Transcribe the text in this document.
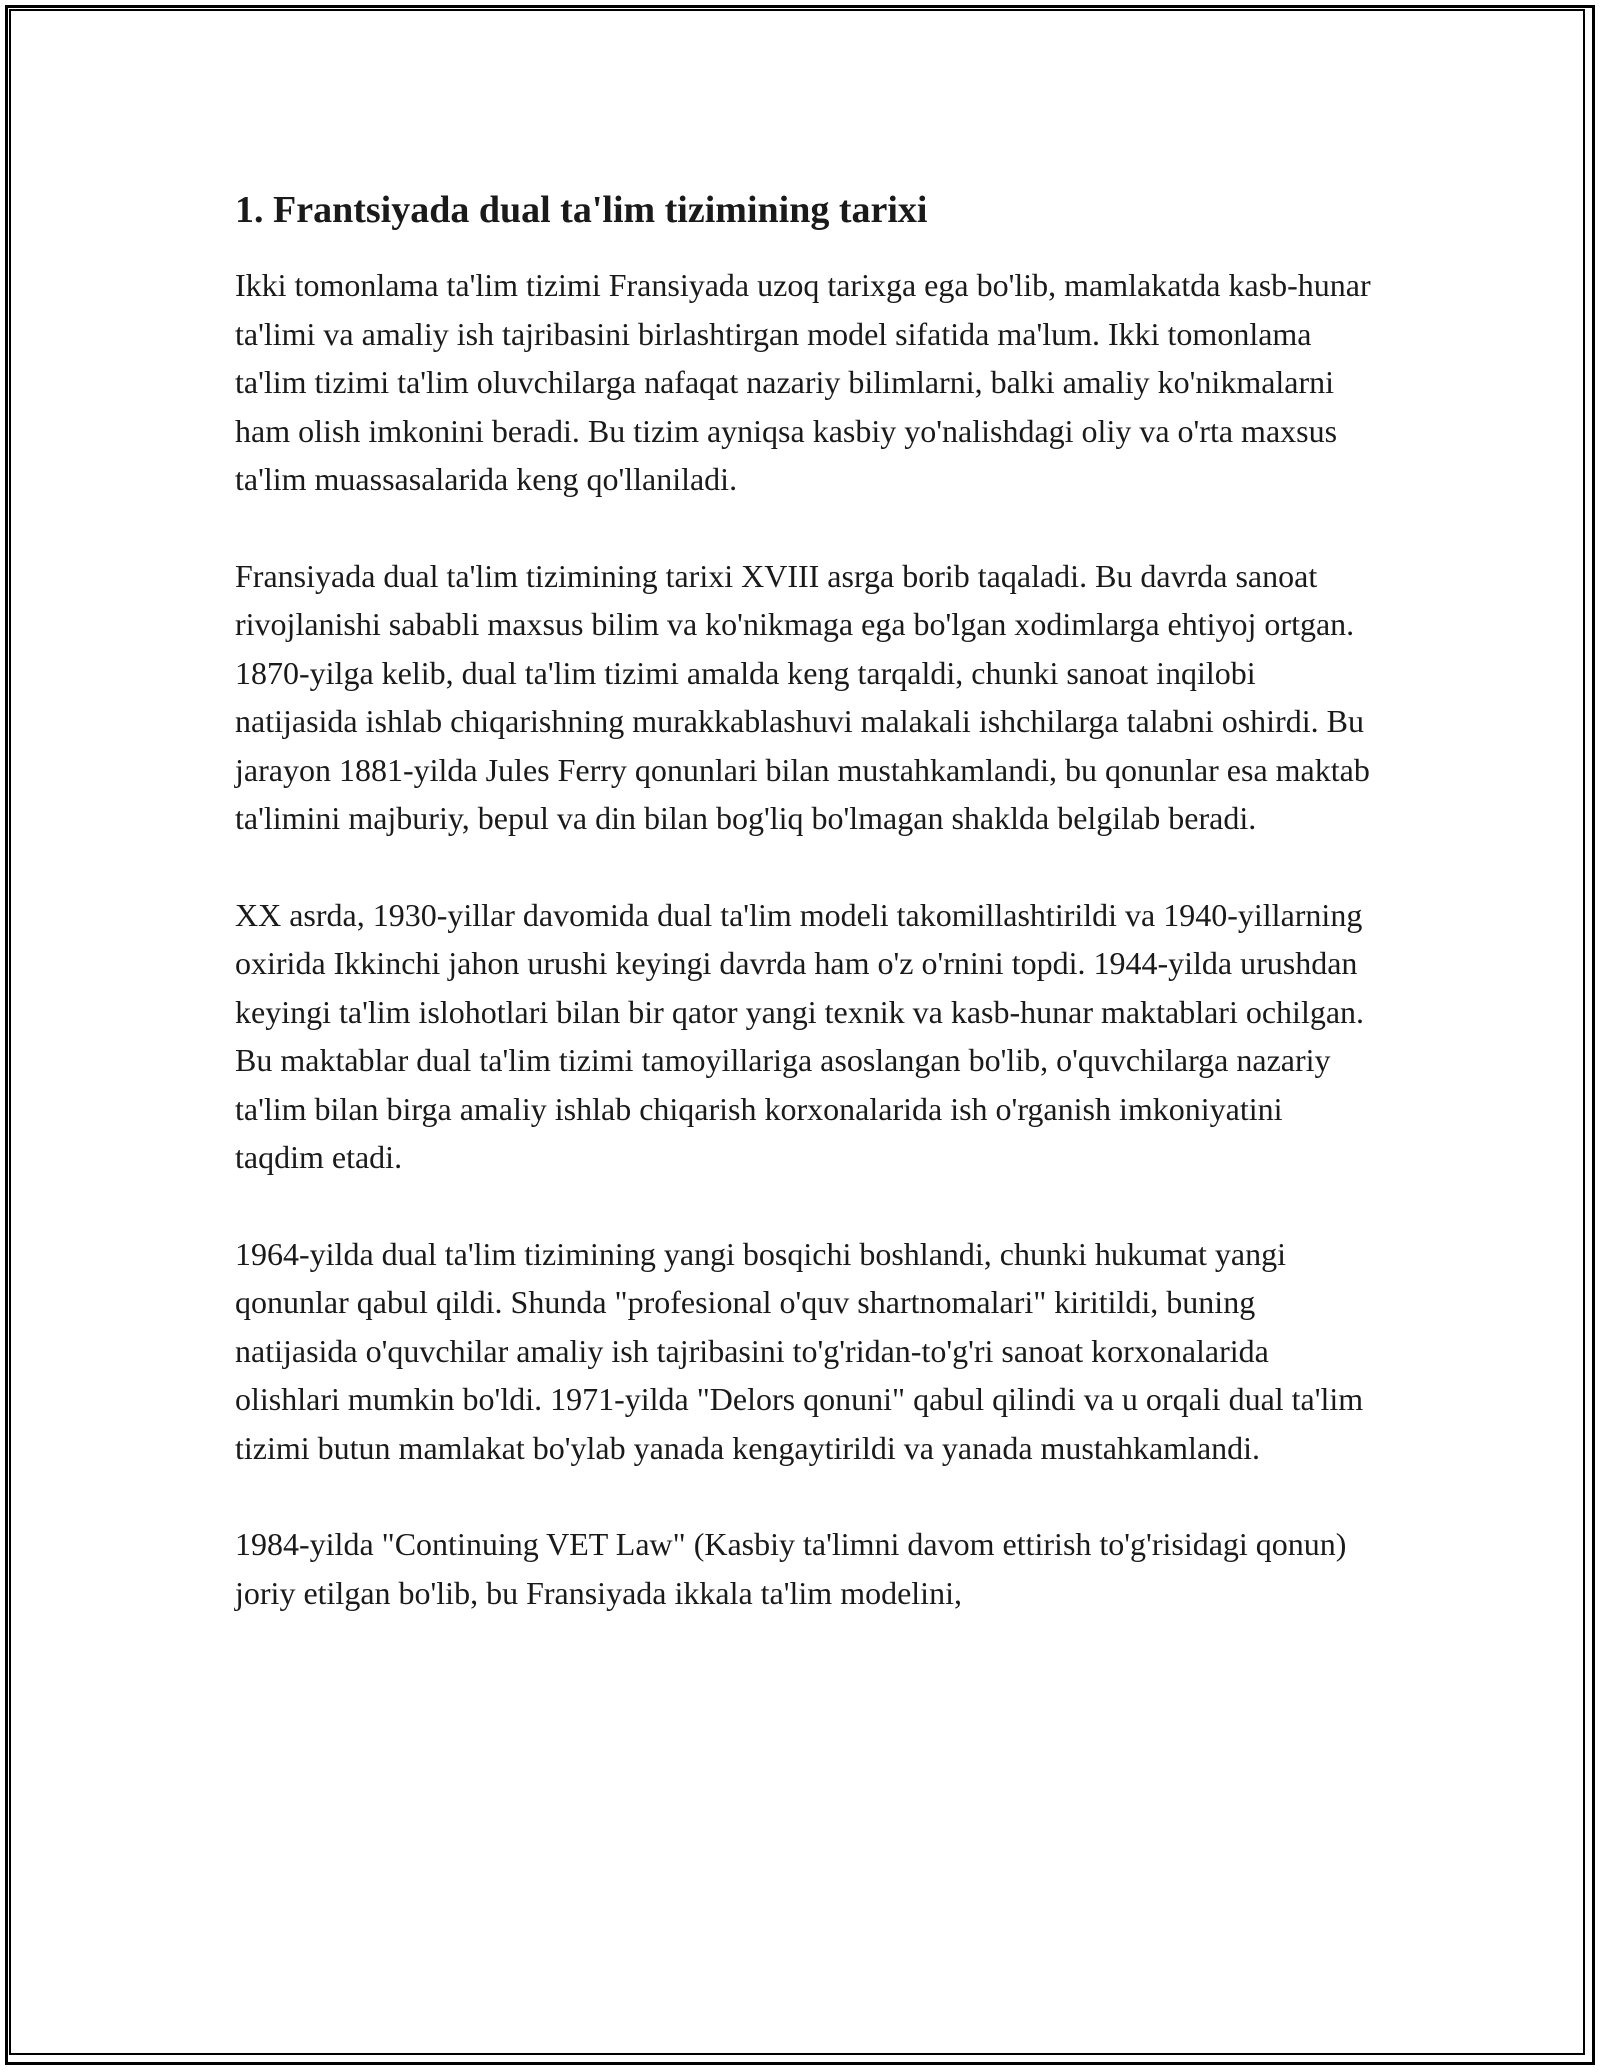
1. Frantsiyada dual ta'lim tizimining tarixi

Ikki tomonlama ta'lim tizimi Fransiyada uzoq tarixga ega bo'lib, mamlakatda kasb-hunar ta'limi va amaliy ish tajribasini birlashtirgan model sifatida ma'lum. Ikki tomonlama ta'lim tizimi ta'lim oluvchilarga nafaqat nazariy bilimlarni, balki amaliy ko'nikmalarni ham olish imkonini beradi. Bu tizim ayniqsa kasbiy yo'nalishdagi oliy va o'rta maxsus ta'lim muassasalarida keng qo'llaniladi.

Fransiyada dual ta'lim tizimining tarixi XVIII asrga borib taqaladi. Bu davrda sanoat rivojlanishi sababli maxsus bilim va ko'nikmaga ega bo'lgan xodimlarga ehtiyoj ortgan. 1870-yilga kelib, dual ta'lim tizimi amalda keng tarqaldi, chunki sanoat inqilobi natijasida ishlab chiqarishning murakkablashuvi malakali ishchilarga talabni oshirdi. Bu jarayon 1881-yilda Jules Ferry qonunlari bilan mustahkamlandi, bu qonunlar esa maktab ta'limini majburiy, bepul va din bilan bog'liq bo'lmagan shaklda belgilab beradi.

XX asrda, 1930-yillar davomida dual ta'lim modeli takomillashtirildi va 1940-yillarning oxirida Ikkinchi jahon urushi keyingi davrda ham o'z o'rnini topdi. 1944-yilda urushdan keyingi ta'lim islohotlari bilan bir qator yangi texnik va kasb-hunar maktablari ochilgan. Bu maktablar dual ta'lim tizimi tamoyillariga asoslangan bo'lib, o'quvchilarga nazariy ta'lim bilan birga amaliy ishlab chiqarish korxonalarida ish o'rganish imkoniyatini taqdim etadi.

1964-yilda dual ta'lim tizimining yangi bosqichi boshlandi, chunki hukumat yangi qonunlar qabul qildi. Shunda "profesional o'quv shartnomalari" kiritildi, buning natijasida o'quvchilar amaliy ish tajribasini to'g'ridan-to'g'ri sanoat korxonalarida olishlari mumkin bo'ldi. 1971-yilda "Delors qonuni" qabul qilindi va u orqali dual ta'lim tizimi butun mamlakat bo'ylab yanada kengaytirildi va yanada mustahkamlandi.

1984-yilda "Continuing VET Law" (Kasbiy ta'limni davom ettirish to'g'risidagi qonun) joriy etilgan bo'lib, bu Fransiyada ikkala ta'lim modelini,
